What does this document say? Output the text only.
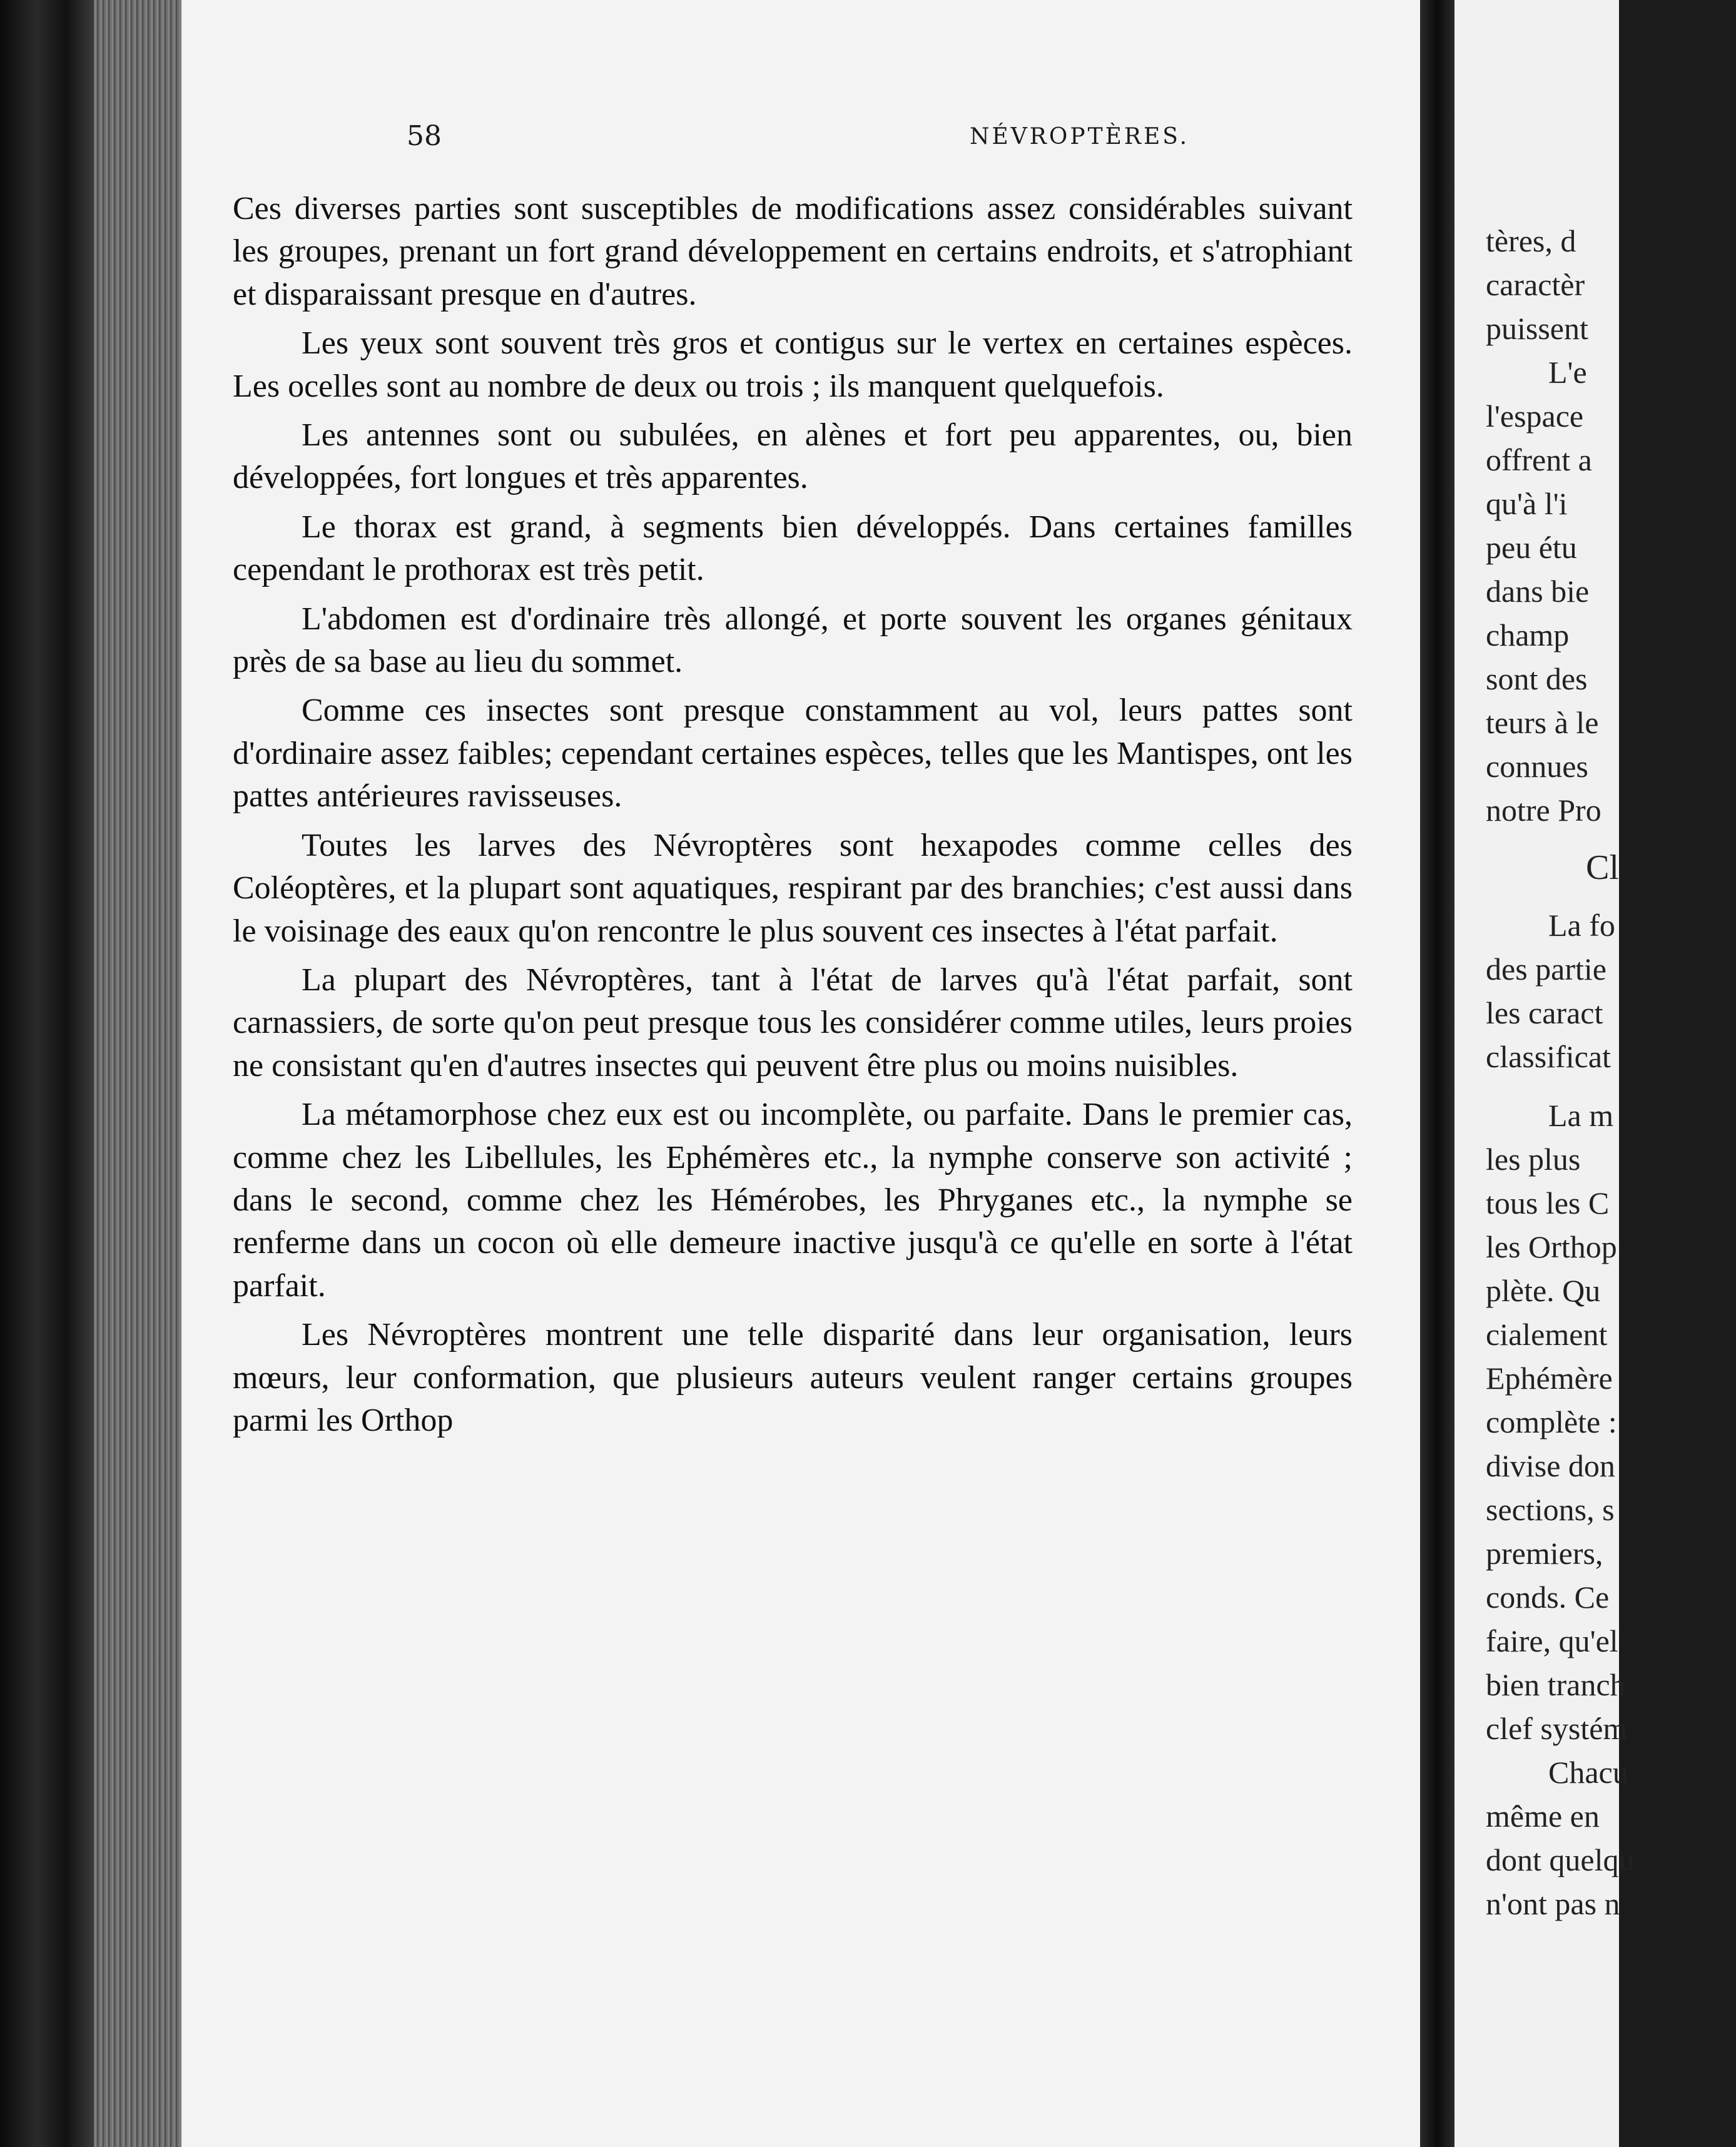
58	NÉVROPTÈRES.

Ces diverses parties sont susceptibles de modifications assez considérables suivant les groupes, prenant un fort grand développement en certains endroits, et s'atrophiant et disparaissant presque en d'autres.

Les yeux sont souvent très gros et contigus sur le vertex en certaines espèces. Les ocelles sont au nombre de deux ou trois ; ils manquent quelquefois.

Les antennes sont ou subulées, en alènes et fort peu apparentes, ou, bien développées, fort longues et très apparentes.

Le thorax est grand, à segments bien développés. Dans certaines familles cependant le prothorax est très petit.

L'abdomen est d'ordinaire très allongé, et porte souvent les organes génitaux près de sa base au lieu du sommet.

Comme ces insectes sont presque constamment au vol, leurs pattes sont d'ordinaire assez faibles; cependant certaines espèces, telles que les Mantispes, ont les pattes antérieures ravisseuses.

Toutes les larves des Névroptères sont hexapodes comme celles des Coléoptères, et la plupart sont aquatiques, respirant par des branchies; c'est aussi dans le voisinage des eaux qu'on rencontre le plus souvent ces insectes à l'état parfait.

La plupart des Névroptères, tant à l'état de larves qu'à l'état parfait, sont carnassiers, de sorte qu'on peut presque tous les considérer comme utiles, leurs proies ne consistant qu'en d'autres insectes qui peuvent être plus ou moins nuisibles.

La métamorphose chez eux est ou incomplète, ou parfaite. Dans le premier cas, comme chez les Libellules, les Ephémères etc., la nymphe conserve son activité ; dans le second, comme chez les Hémérobes, les Phryganes etc., la nymphe se renferme dans un cocon où elle demeure inactive jusqu'à ce qu'elle en sorte à l'état parfait.

Les Névroptères montrent une telle disparité dans leur organisation, leurs mœurs, leur conformation, que plusieurs auteurs veulent ranger certains groupes parmi les Orthop

tères, d
caractèr
puissent
L'e
l'espace
offrent a
qu'à l'i
peu étu
dans bie
champ
sont des
teurs à le
connues
notre Pro
Cl
La fo
des partie
les caract
classificat
La m
les plus
tous les C
les Orthop
plète. Qu
cialement
Ephémère
complète :
divise don
sections, s
premiers,
conds. Ce
faire, qu'el
bien tranch
clef systém
Chacu
même en
dont quelqu
n'ont pas n
